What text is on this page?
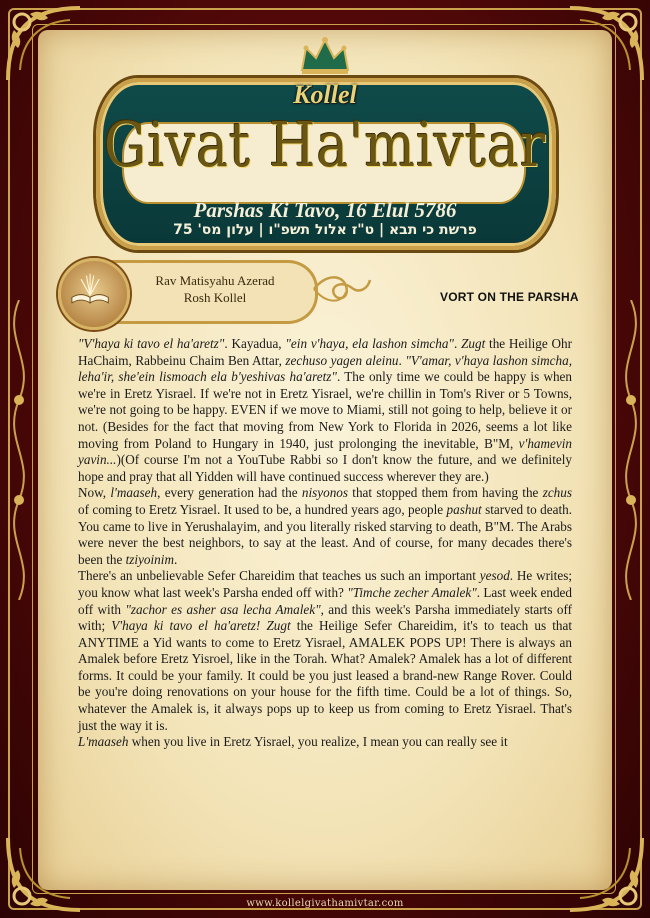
Kollel
Givat Ha'mivtar
Parshas Ki Tavo, 16 Elul 5786
פרשת כי תבא | ט"ז אלול תשפ"ו | עלון מס' 75
Rav Matisyahu Azerad
Rosh Kollel	VORT ON THE PARSHA

"V'haya ki tavo el ha'aretz". Kayadua, "ein v'haya, ela lashon simcha". Zugt the Heilige Ohr HaChaim, Rabbeinu Chaim Ben Attar, zechuso yagen aleinu. "V'amar, v'haya lashon simcha, leha'ir, she'ein lismoach ela b'yeshivas ha'aretz". The only time we could be happy is when we're in Eretz Yisrael. If we're not in Eretz Yisrael, we're chillin in Tom's River or 5 Towns, we're not going to be happy. EVEN if we move to Miami, still not going to help, believe it or not. (Besides for the fact that moving from New York to Florida in 2026, seems a lot like moving from Poland to Hungary in 1940, just prolonging the inevitable, B"M, v'hamevin yavin...)(Of course I'm not a YouTube Rabbi so I don't know the future, and we definitely hope and pray that all Yidden will have continued success wherever they are.)

Now, l'maaseh, every generation had the nisyonos that stopped them from having the zchus of coming to Eretz Yisrael. It used to be, a hundred years ago, people pashut starved to death. You came to live in Yerushalayim, and you literally risked starving to death, B"M. The Arabs were never the best neighbors, to say at the least. And of course, for many decades there's been the tziyoinim.

There's an unbelievable Sefer Chareidim that teaches us such an important yesod. He writes; you know what last week's Parsha ended off with? "Timche zecher Amalek". Last week ended off with "zachor es asher asa lecha Amalek", and this week's Parsha immediately starts off with; V'haya ki tavo el ha'aretz! Zugt the Heilige Sefer Chareidim, it's to teach us that ANYTIME a Yid wants to come to Eretz Yisrael, AMALEK POPS UP! There is always an Amalek before Eretz Yisroel, like in the Torah. What? Amalek? Amalek has a lot of different forms. It could be your family. It could be you just leased a brand-new Range Rover. Could be you're doing renovations on your house for the fifth time. Could be a lot of things. So, whatever the Amalek is, it always pops up to keep us from coming to Eretz Yisrael. That's just the way it is.

L'maaseh when you live in Eretz Yisrael, you realize, I mean you can really see it

www.kollelgivathamivtar.com
